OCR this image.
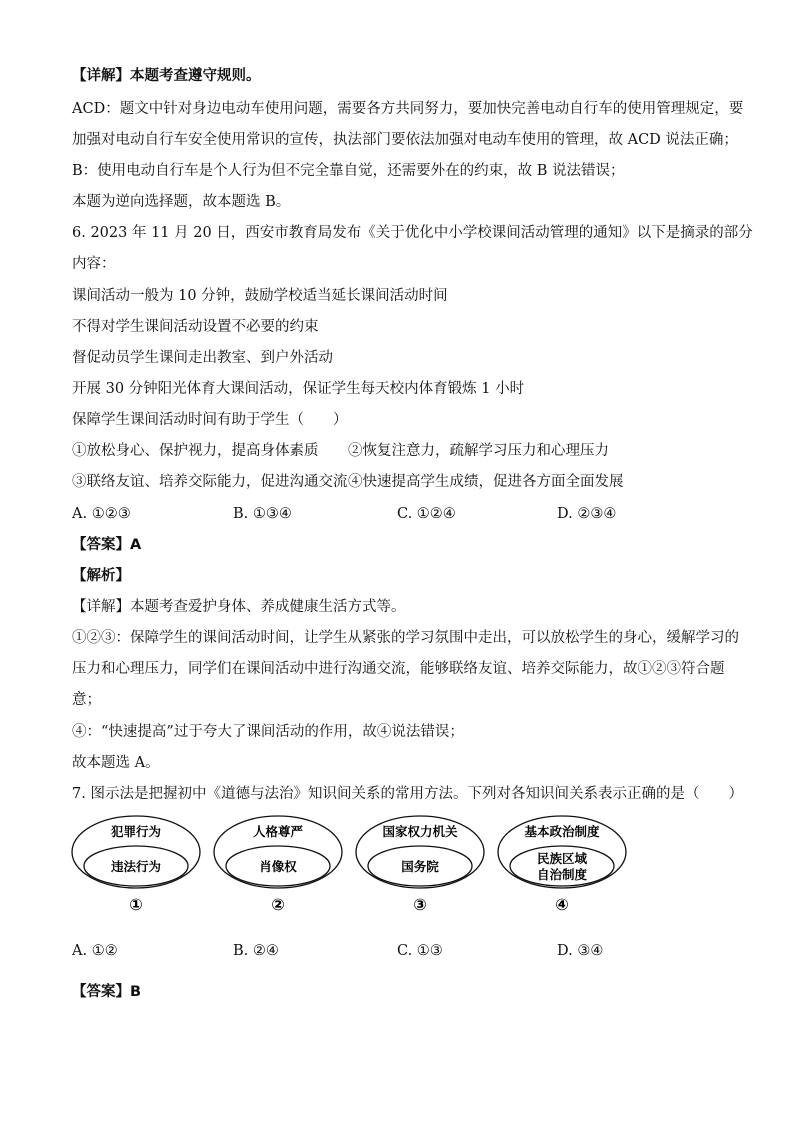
【详解】本题考查遵守规则。
ACD：题文中针对身边电动车使用问题，需要各方共同努力，要加快完善电动自行车的使用管理规定，要
加强对电动自行车安全使用常识的宣传，执法部门要依法加强对电动车使用的管理，故 ACD 说法正确；
B：使用电动自行车是个人行为但不完全靠自觉，还需要外在的约束，故 B 说法错误；
本题为逆向选择题，故本题选 B。
6. 2023 年 11 月 20 日，西安市教育局发布《关于优化中小学校课间活动管理的通知》以下是摘录的部分
内容：
课间活动一般为 10 分钟，鼓励学校适当延长课间活动时间
不得对学生课间活动设置不必要的约束
督促动员学生课间走出教室、到户外活动
开展 30 分钟阳光体育大课间活动，保证学生每天校内体育锻炼 1 小时
保障学生课间活动时间有助于学生（　　）
①放松身心、保护视力，提高身体素质 ②恢复注意力，疏解学习压力和心理压力
③联络友谊、培养交际能力，促进沟通交流 ④快速提高学生成绩，促进各方面全面发展
A. ①②③	B. ①③④	C. ①②④	D. ②③④
【答案】A
【解析】
【详解】本题考查爱护身体、养成健康生活方式等。
①②③：保障学生的课间活动时间，让学生从紧张的学习氛围中走出，可以放松学生的身心，缓解学习的
压力和心理压力，同学们在课间活动中进行沟通交流，能够联络友谊、培养交际能力，故①②③符合题
意；
④：“快速提高”过于夸大了课间活动的作用，故④说法错误；
故本题选 A。
7. 图示法是把握初中《道德与法治》知识间关系的常用方法。下列对各知识间关系表示正确的是（　　）
犯罪行为
违法行为
①
人格尊严
肖像权
②
国家权力机关
国务院
③
基本政治制度
民族区域
自治制度
④
A. ①②	B. ②④	C. ①③	D. ③④
【答案】B
